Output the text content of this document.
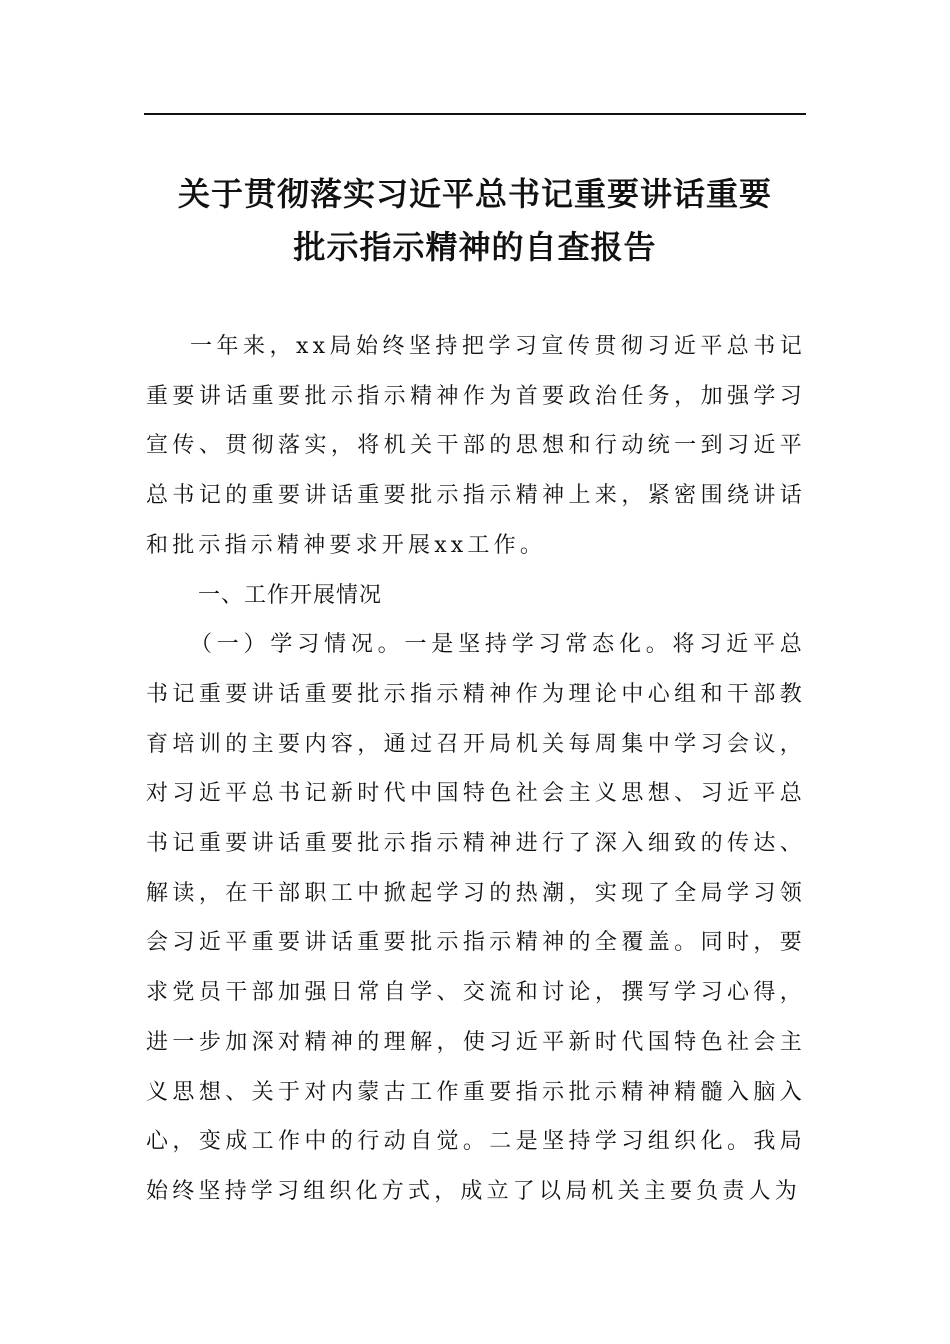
关于贯彻落实习近平总书记重要讲话重要
批示指示精神的自查报告

一年来，xx局始终坚持把学习宣传贯彻习近平总书记重要讲话重要批示指示精神作为首要政治任务，加强学习宣传、贯彻落实，将机关干部的思想和行动统一到习近平总书记的重要讲话重要批示指示精神上来，紧密围绕讲话和批示指示精神要求开展xx工作。

一、工作开展情况

（一）学习情况。一是坚持学习常态化。将习近平总书记重要讲话重要批示指示精神作为理论中心组和干部教育培训的主要内容，通过召开局机关每周集中学习会议，对习近平总书记新时代中国特色社会主义思想、习近平总书记重要讲话重要批示指示精神进行了深入细致的传达、解读，在干部职工中掀起学习的热潮，实现了全局学习领会习近平重要讲话重要批示指示精神的全覆盖。同时，要求党员干部加强日常自学、交流和讨论，撰写学习心得，进一步加深对精神的理解，使习近平新时代国特色社会主义思想、关于对内蒙古工作重要指示批示精神精髓入脑入心，变成工作中的行动自觉。二是坚持学习组织化。我局始终坚持学习组织化方式，成立了以局机关主要负责人为
